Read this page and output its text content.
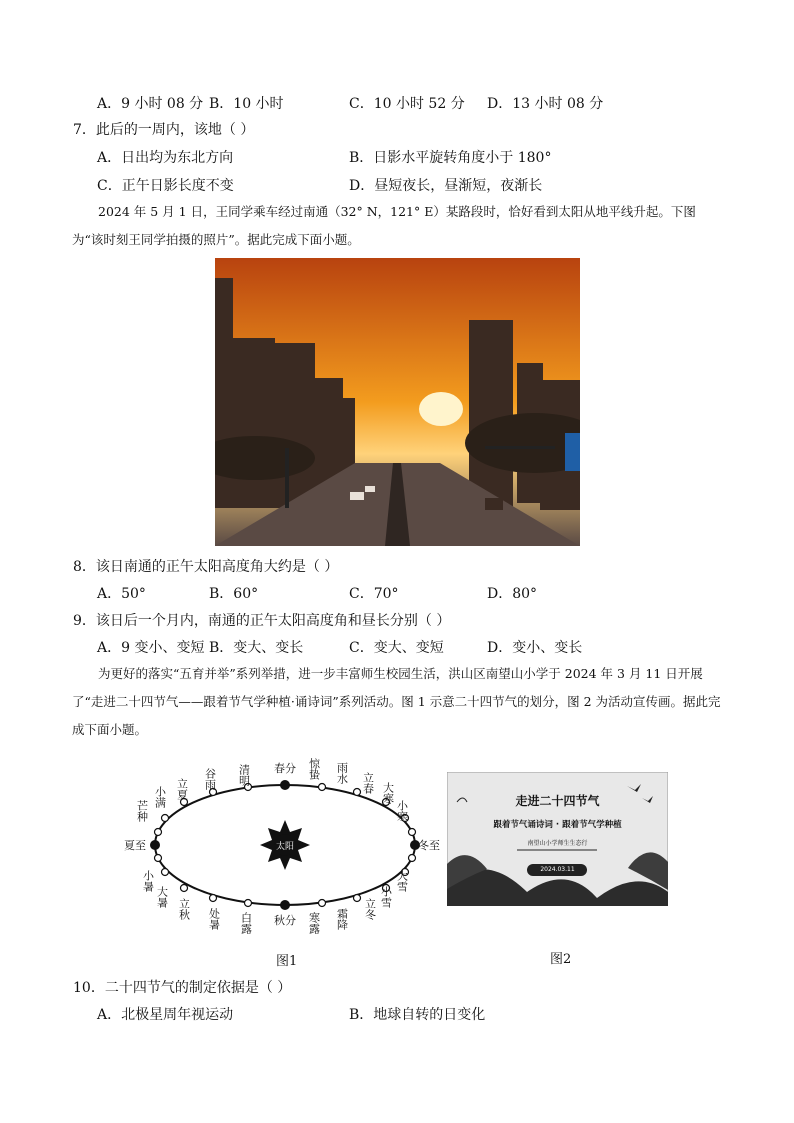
A．9 小时 08 分 B．10 小时	C．10 小时 52 分 D．13 小时 08 分
7．此后的一周内，该地（ ）
A．日出均为东北方向	B．日影水平旋转角度小于 180°
C．正午日影长度不变	D．昼短夜长，昼渐短，夜渐长
2024 年 5 月 1 日，王同学乘车经过南通（32° N，121° E）某路段时，恰好看到太阳从地平线升起。下图为“该时刻王同学拍摄的照片”。据此完成下面小题。
8．该日南通的正午太阳高度角大约是（ ）
A．50°	B．60°	C．70°	D．80°
9．该日后一个月内，南通的正午太阳高度角和昼长分别（ ）
A．9 变小、变短 B．变大、变长	C．变大、变短	D．变小、变长
为更好的落实“五育并举”系列举措，进一步丰富师生校园生活，洪山区南望山小学于 2024 年 3 月 11 日开展了“走进二十四节气——跟着节气学种植·诵诗词”系列活动。图 1 示意二十四节气的划分，图 2 为活动宣传画。据此完成下面小题。
太阳
春分
清明
谷雨
立夏
小满
芒种
夏至
小暑
大暑
立秋 处暑 白露 秋分 寒露 霜降 立冬
小雪
大雪
冬至
小寒
大寒
立春
雨水
惊蛰
图1
走进二十四节气
跟着节气诵诗词 · 跟着节气学种植
南望山小学师生生态行
2024.03.11
图2
10．二十四节气的制定依据是（ ）
A．北极星周年视运动	B．地球自转的日变化
